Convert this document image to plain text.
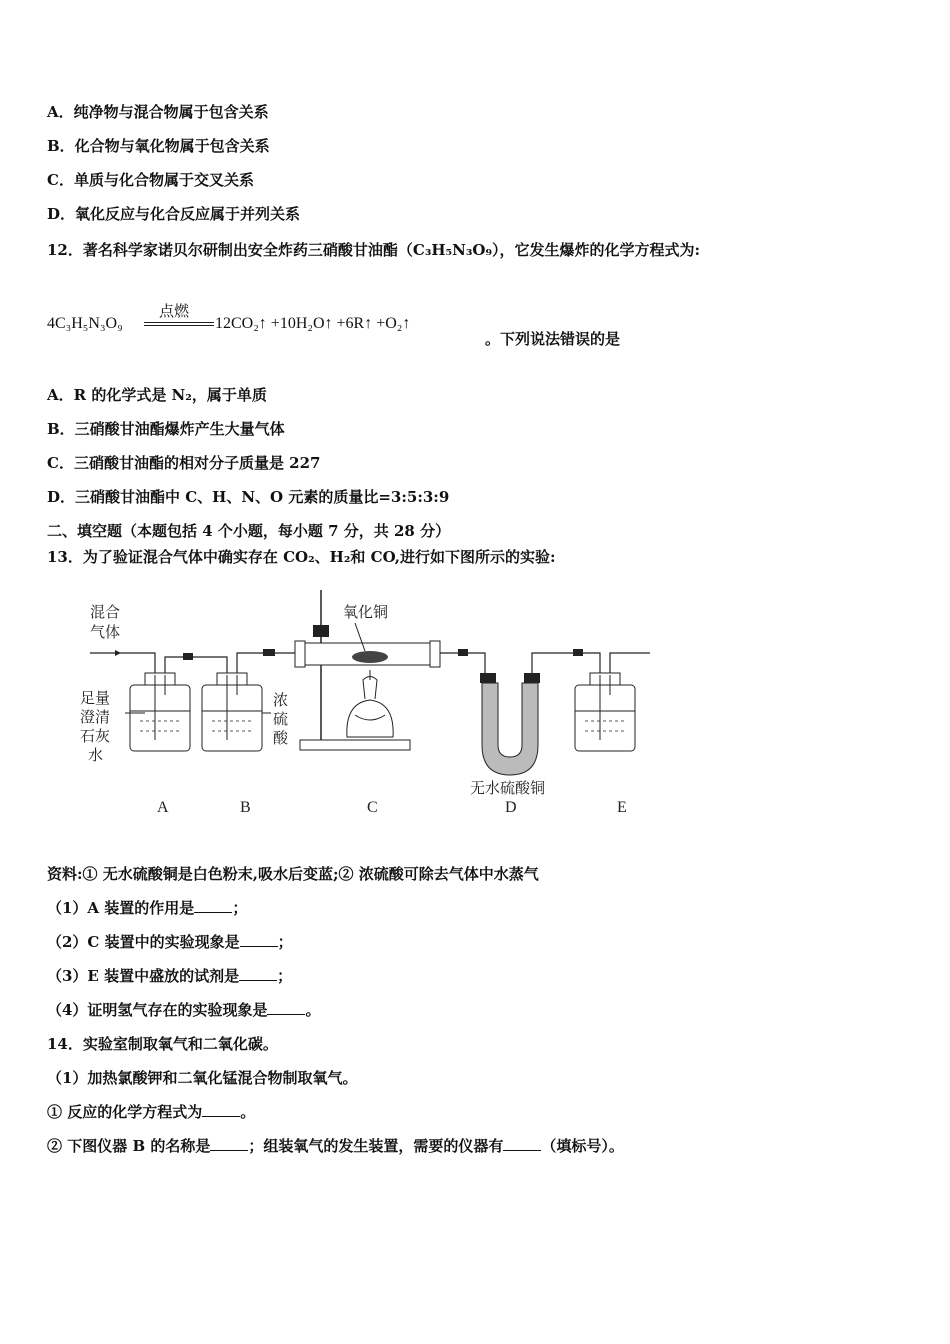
A．纯净物与混合物属于包含关系
B．化合物与氧化物属于包含关系
C．单质与化合物属于交叉关系
D．氧化反应与化合反应属于并列关系
12．著名科学家诺贝尔研制出安全炸药三硝酸甘油酯（C₃H₅N₃O₉），它发生爆炸的化学方程式为:
点燃
4C₃H₅N₃O₉	12CO₂↑ +10H₂O↑ +6R↑ +O₂↑
。下列说法错误的是
A．R 的化学式是 N₂，属于单质
B．三硝酸甘油酯爆炸产生大量气体
C．三硝酸甘油酯的相对分子质量是 227
D．三硝酸甘油酯中 C、H、N、O 元素的质量比=3:5:3:9
二、填空题（本题包括 4 个小题，每小题 7 分，共 28 分）
13．为了验证混合气体中确实存在 CO₂、H₂和 CO,进行如下图所示的实验:
混合
气体
足量
澄清
石灰
水
浓
硫
酸
氧化铜
无水硫酸铜
A	B	C	D	E
资料:① 无水硫酸铜是白色粉末,吸水后变蓝;② 浓硫酸可除去气体中水蒸气
（1）A 装置的作用是	；
（2）C 装置中的实验现象是	；
（3）E 装置中盛放的试剂是	；
（4）证明氢气存在的实验现象是	。
14．实验室制取氧气和二氧化碳。
（1）加热氯酸钾和二氧化锰混合物制取氧气。
① 反应的化学方程式为	。
② 下图仪器 B 的名称是	；组装氧气的发生装置，需要的仪器有	（填标号）。
